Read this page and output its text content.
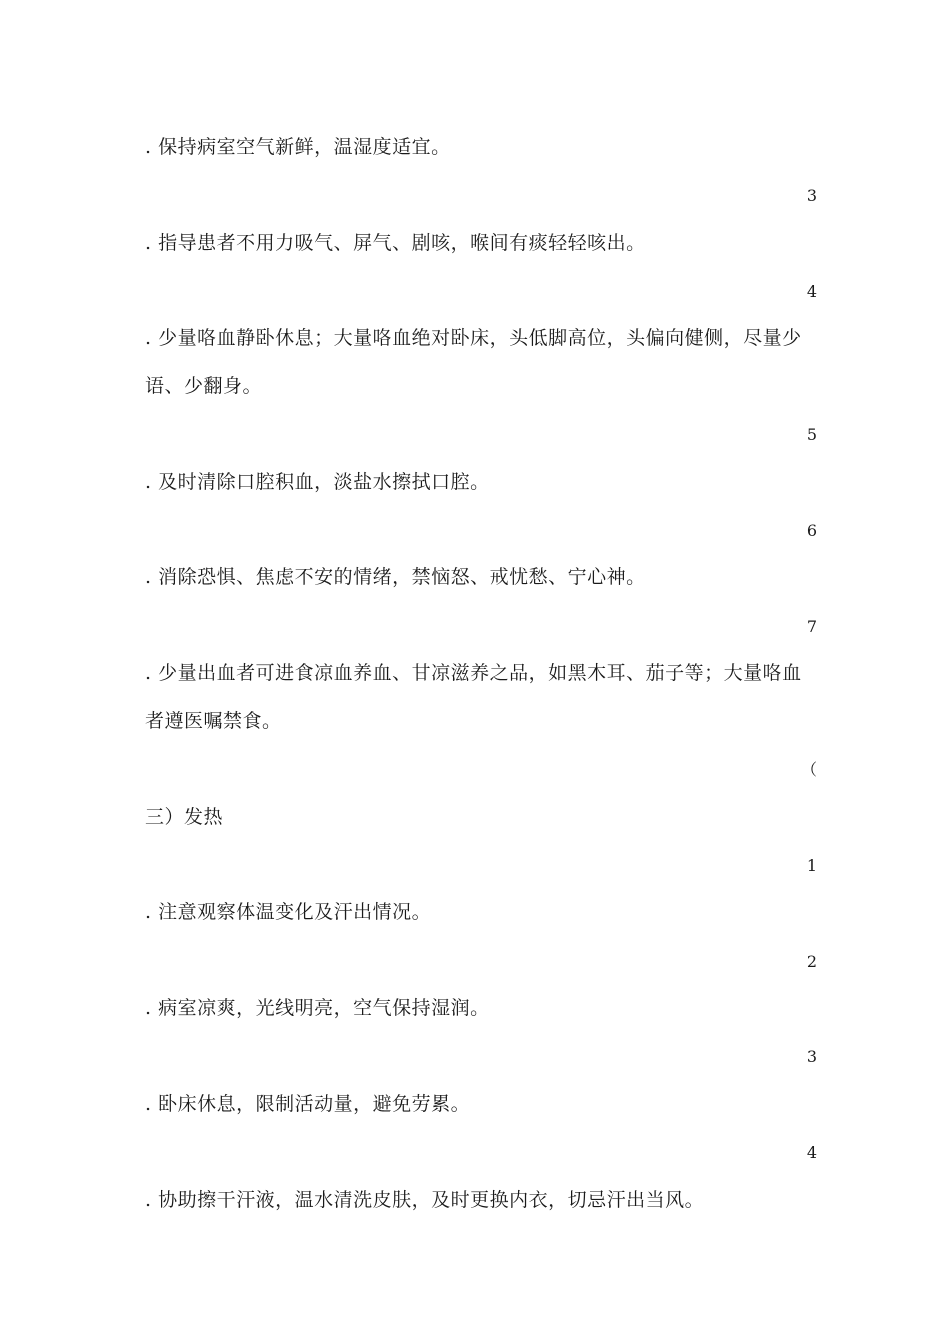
. 保持病室空气新鲜，温湿度适宜。
3
. 指导患者不用力吸气、屏气、剧咳，喉间有痰轻轻咳出。
4
. 少量咯血静卧休息；大量咯血绝对卧床，头低脚高位，头偏向健侧，尽量少
语、少翻身。
5
. 及时清除口腔积血，淡盐水擦拭口腔。
6
. 消除恐惧、焦虑不安的情绪，禁恼怒、戒忧愁、宁心神。
7
. 少量出血者可进食凉血养血、甘凉滋养之品，如黑木耳、茄子等；大量咯血
者遵医嘱禁食。
（
三）发热
1
. 注意观察体温变化及汗出情况。
2
. 病室凉爽，光线明亮，空气保持湿润。
3
. 卧床休息，限制活动量，避免劳累。
4
. 协助擦干汗液，温水清洗皮肤，及时更换内衣，切忌汗出当风。
